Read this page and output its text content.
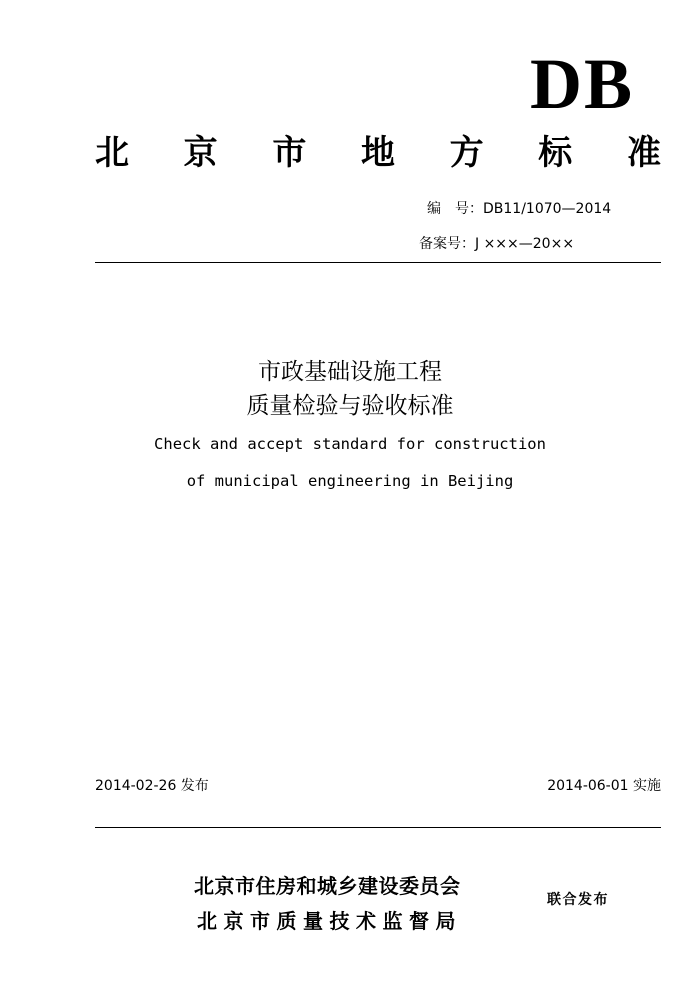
DB
北 京 市 地 方 标 准
编　号：DB11/1070—2014
备案号：J ×××—20××
市政基础设施工程
质量检验与验收标准
Check and accept standard for construction
of municipal engineering in Beijing
2014-02-26 发布	2014-06-01 实施
北京市住房和城乡建设委员会
北京市质量技术监督局
联合发布
